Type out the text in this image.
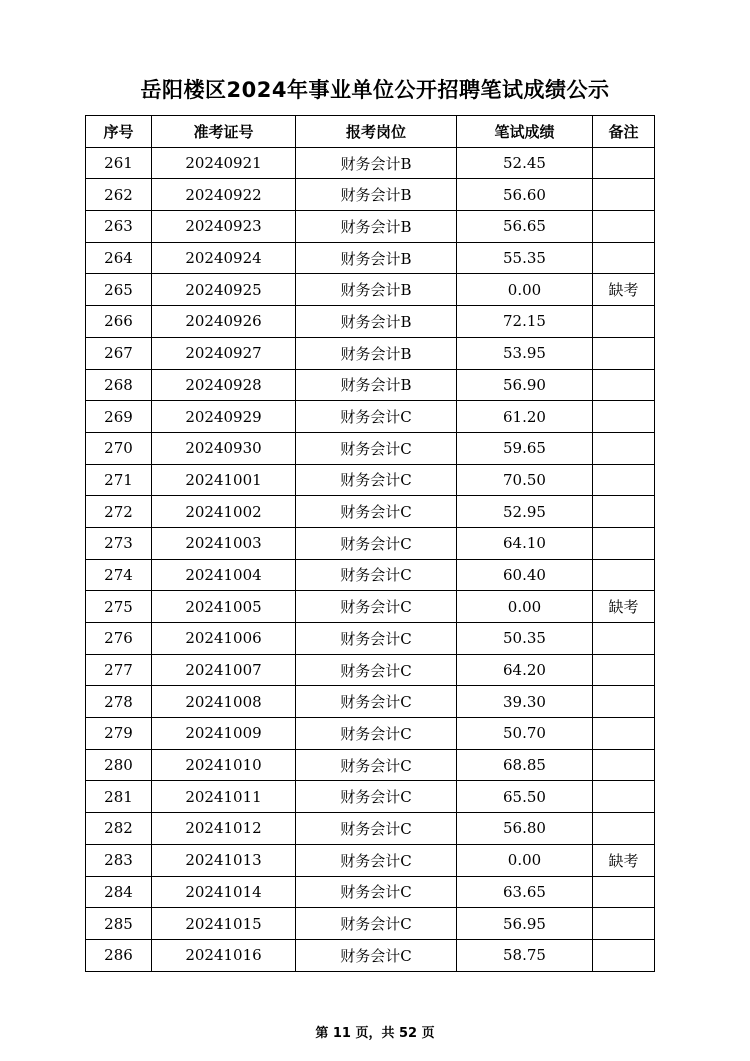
岳阳楼区2024年事业单位公开招聘笔试成绩公示
序号	准考证号	报考岗位	笔试成绩	备注
261	20240921	财务会计B	52.45	
262	20240922	财务会计B	56.60	
263	20240923	财务会计B	56.65	
264	20240924	财务会计B	55.35	
265	20240925	财务会计B	0.00	缺考
266	20240926	财务会计B	72.15	
267	20240927	财务会计B	53.95	
268	20240928	财务会计B	56.90	
269	20240929	财务会计C	61.20	
270	20240930	财务会计C	59.65	
271	20241001	财务会计C	70.50	
272	20241002	财务会计C	52.95	
273	20241003	财务会计C	64.10	
274	20241004	财务会计C	60.40	
275	20241005	财务会计C	0.00	缺考
276	20241006	财务会计C	50.35	
277	20241007	财务会计C	64.20	
278	20241008	财务会计C	39.30	
279	20241009	财务会计C	50.70	
280	20241010	财务会计C	68.85	
281	20241011	财务会计C	65.50	
282	20241012	财务会计C	56.80	
283	20241013	财务会计C	0.00	缺考
284	20241014	财务会计C	63.65	
285	20241015	财务会计C	56.95	
286	20241016	财务会计C	58.75	
第 11 页，共 52 页
